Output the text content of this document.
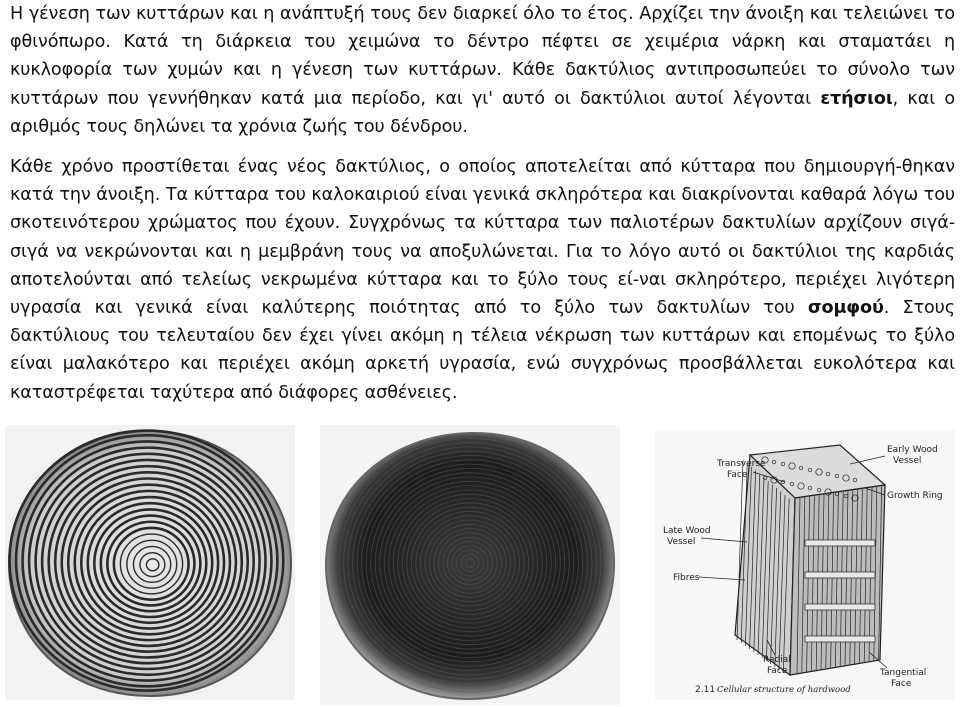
Η γένεση των κυττάρων και η ανάπτυξή τους δεν διαρκεί όλο το έτος. Αρχίζει την άνοιξη και τελειώνει το φθινόπωρο. Κατά τη διάρκεια του χειμώνα το δέντρο πέφτει σε χειμέρια νάρκη και σταματάει η κυκλοφορία των χυμών και η γένεση των κυττάρων. Κάθε δακτύλιος αντιπροσωπεύει το σύνολο των κυττάρων που γεννήθηκαν κατά μια περίοδο, και γι' αυτό οι δακτύλιοι αυτοί λέγονται ετήσιοι, και ο αριθμός τους δηλώνει τα χρόνια ζωής του δένδρου.

Κάθε χρόνο προστίθεται ένας νέος δακτύλιος, ο οποίος αποτελείται από κύτταρα που δημιουργή-θηκαν κατά την άνοιξη. Τα κύτταρα του καλοκαιριού είναι γενικά σκληρότερα και διακρίνονται καθαρά λόγω του σκοτεινότερου χρώματος που έχουν. Συγχρόνως τα κύτταρα των παλιοτέρων δακτυλίων αρχίζουν σιγά-σιγά να νεκρώνονται και η μεμβράνη τους να αποξυλώνεται. Για το λόγο αυτό οι δακτύλιοι της καρδιάς αποτελούνται από τελείως νεκρωμένα κύτταρα και το ξύλο τους εί-ναι σκληρότερο, περιέχει λιγότερη υγρασία και γενικά είναι καλύτερης ποιότητας από το ξύλο των δακτυλίων του σομφού. Στους δακτύλιους του τελευταίου δεν έχει γίνει ακόμη η τέλεια νέκρωση των κυττάρων και επομένως το ξύλο είναι μαλακότερο και περιέχει ακόμη αρκετή υγρασία, ενώ συγχρόνως προσβάλλεται ευκολότερα και καταστρέφεται ταχύτερα από διάφορες ασθένειες.

Transverse
Face
Early Wood
Vessel
Growth Ring
Late Wood
Vessel
Fibres
Radial
Face	Tangential
Face
2.11 Cellular structure of hardwood
